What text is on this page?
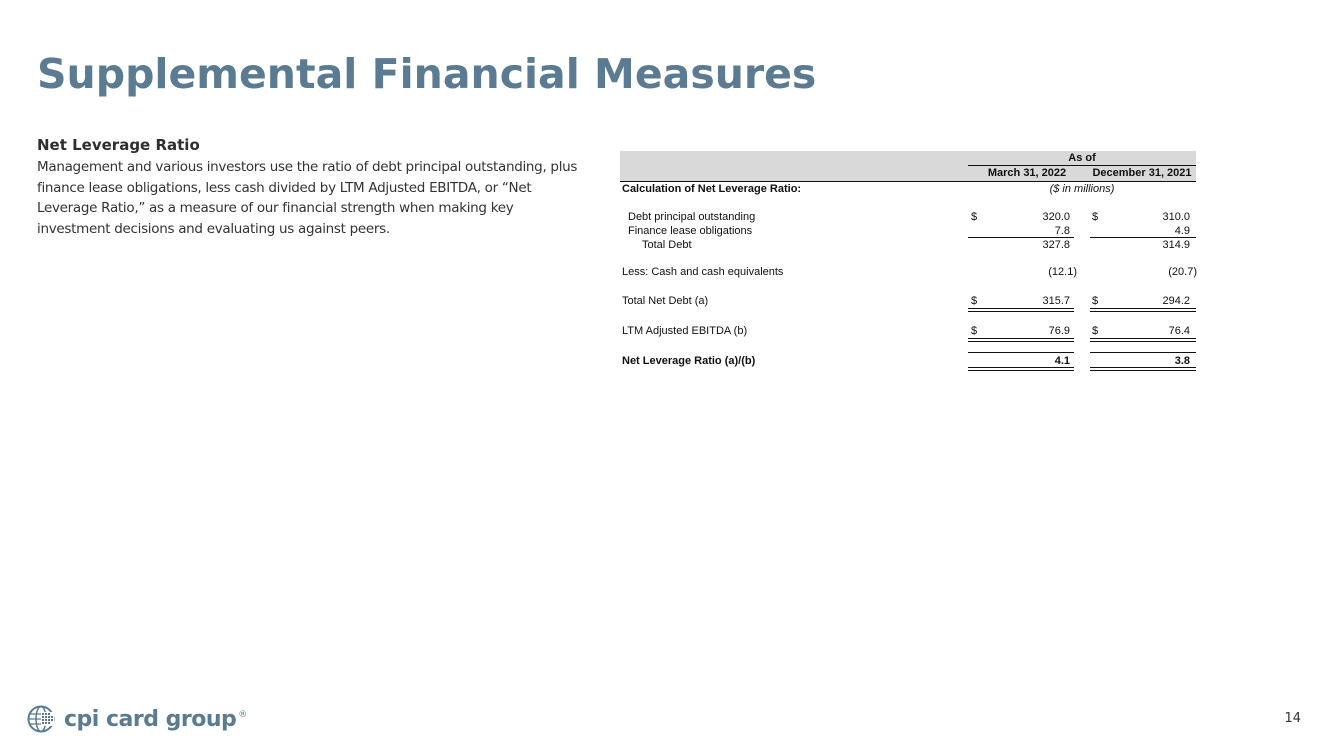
Supplemental Financial Measures
Net Leverage Ratio

Management and various investors use the ratio of debt principal outstanding, plus finance lease obligations, less cash divided by LTM Adjusted EBITDA, or “Net Leverage Ratio,” as a measure of our financial strength when making key investment decisions and evaluating us against peers.

As of
March 31, 2022	December 31, 2021
Calculation of Net Leverage Ratio:	($ in millions)
Debt principal outstanding	$	320.0 $	310.0
Finance lease obligations	7.8	4.9
Total Debt	327.8	314.9
Less: Cash and cash equivalents	(12.1)	(20.7)
Total Net Debt (a)	$	315.7 $	294.2
LTM Adjusted EBITDA (b)	$	76.9 $	76.4
Net Leverage Ratio (a)/(b)	4.1	3.8
cpi card group ®	14
